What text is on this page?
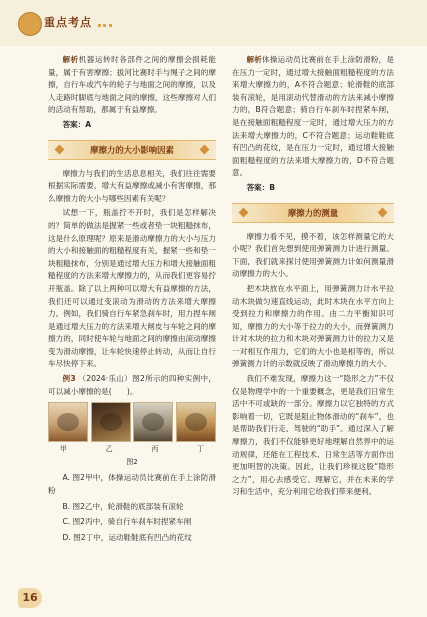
重点考点

解析机器运转时各部件之间的摩擦会损耗能量，属于有害摩擦；拔河比赛时手与绳子之间的摩擦，自行车或汽车的轮子与地面之间的摩擦，以及人走路时脚底与地面之间的摩擦，这些摩擦对人们的活动有帮助，都属于有益摩擦。

答案：A

摩擦力的大小影响因素

摩擦力与我们的生活息息相关，我们往往需要根据实际需要，增大有益摩擦或减小有害摩擦，那么摩擦力的大小与哪些因素有关呢？

试想一下，瓶盖拧不开时，我们是怎样解决的？简单的做法是握紧一些或者垫一块粗糙抹布，这是什么原理呢？原来是滑动摩擦力的大小与压力的大小和接触面的粗糙程度有关，握紧一些和垫一块粗糙抹布，分别是通过增大压力和增大接触面粗糙程度的方法来增大摩擦力的，从而我们更容易拧开瓶盖。除了以上两种可以增大有益摩擦的方法，我们还可以通过变滚动为滑动的方法来增大摩擦力。例如，我们骑自行车紧急刹车时，用力捏车闸是通过增大压力的方法来增大闸皮与车轮之间的摩擦力的，同时使车轮与地面之间的摩擦由滚动摩擦变为滑动摩擦，让车轮快速停止转动，从而让自行车尽快停下来。

例3 （2024·乐山）图2所示的四种实例中，可以减小摩擦的是(　　)。

甲	乙	丙	丁
图2

A. 图2甲中，体操运动员比赛前在手上涂防滑粉

B. 图2乙中，轮滑鞋的底部装有滚轮

C. 图2丙中，骑自行车刹车时捏紧车闸

D. 图2丁中，运动鞋鞋底有凹凸的花纹

解析体操运动员比赛前在手上涂防滑粉，是在压力一定时，通过增大接触面粗糙程度的方法来增大摩擦力的，A不符合题意；轮滑鞋的底部装有滚轮，是用滚动代替滑动的方法来减小摩擦力的，B符合题意；骑自行车刹车时捏紧车闸，是在接触面粗糙程度一定时，通过增大压力的方法来增大摩擦力的，C不符合题意；运动鞋鞋底有凹凸的花纹，是在压力一定时，通过增大接触面粗糙程度的方法来增大摩擦力的，D不符合题意。

答案：B

摩擦力的测量

摩擦力看不见，摸不着，该怎样测量它的大小呢？我们首先想到使用弹簧测力计进行测量。下面，我们就来探讨使用弹簧测力计如何测量滑动摩擦力的大小。

把木块放在水平面上，用弹簧测力计水平拉动木块做匀速直线运动，此时木块在水平方向上受到拉力和摩擦力的作用。由二力平衡知识可知，摩擦力的大小等于拉力的大小，而弹簧测力计对木块的拉力和木块对弹簧测力计的拉力又是一对相互作用力，它们的大小也是相等的，所以弹簧测力计的示数就反映了滑动摩擦力的大小。

我们不难发现，摩擦力这一“隐形之力”不仅仅是物理学中的一个重要概念，更是我们日常生活中不可或缺的一部分。摩擦力以它独特的方式影响着一切，它既是阻止物体滑动的“刹车”，也是帮助我们行走、驾驶的“助手”。通过深入了解摩擦力，我们不仅能够更好地理解自然界中的运动规律，还能在工程技术、日常生活等方面作出更加明智的决策。因此，让我们珍视这股“隐形之力”，用心去感受它、理解它，并在未来的学习和生活中，充分利用它给我们带来便利。

16
